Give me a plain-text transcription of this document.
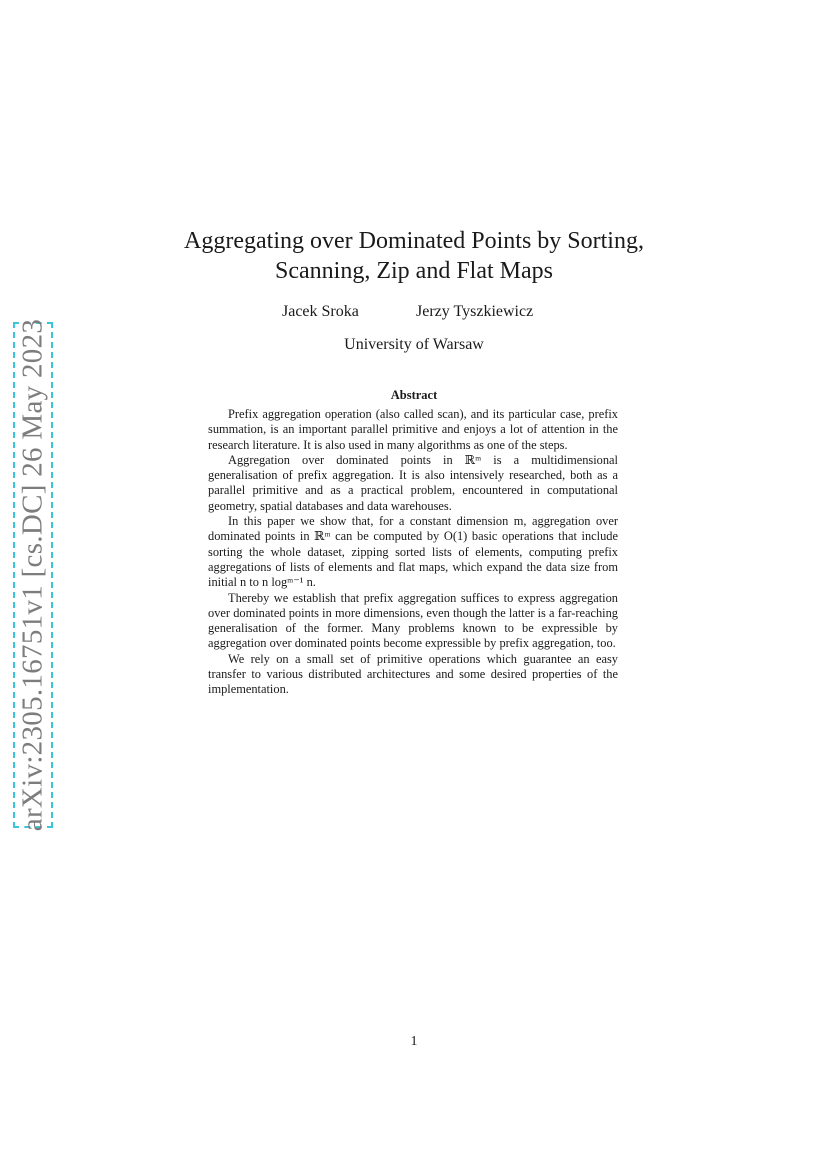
arXiv:2305.16751v1 [cs.DC] 26 May 2023
Aggregating over Dominated Points by Sorting,
Scanning, Zip and Flat Maps
Jacek Sroka	Jerzy Tyszkiewicz
University of Warsaw
Abstract

Prefix aggregation operation (also called scan), and its particular case, prefix summation, is an important parallel primitive and enjoys a lot of attention in the research literature. It is also used in many algorithms as one of the steps.

Aggregation over dominated points in ℝᵐ is a multidimensional generalisation of prefix aggregation. It is also intensively researched, both as a parallel primitive and as a practical problem, encountered in computational geometry, spatial databases and data warehouses.

In this paper we show that, for a constant dimension m, aggregation over dominated points in ℝᵐ can be computed by O(1) basic operations that include sorting the whole dataset, zipping sorted lists of elements, computing prefix aggregations of lists of elements and flat maps, which expand the data size from initial n to n logᵐ⁻¹ n.

Thereby we establish that prefix aggregation suffices to express aggregation over dominated points in more dimensions, even though the latter is a far-reaching generalisation of the former. Many problems known to be expressible by aggregation over dominated points become expressible by prefix aggregation, too.

We rely on a small set of primitive operations which guarantee an easy transfer to various distributed architectures and some desired properties of the implementation.

1
